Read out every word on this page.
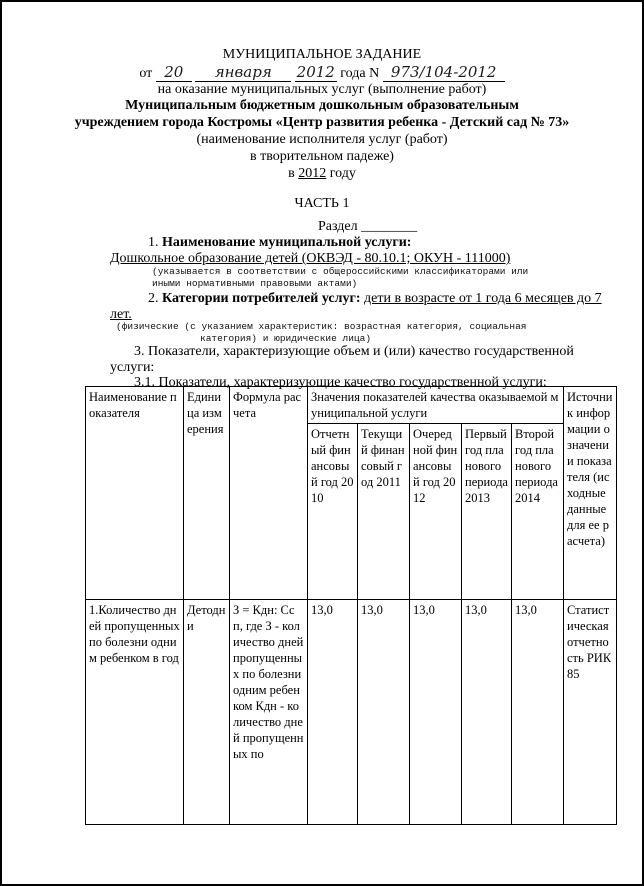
МУНИЦИПАЛЬНОЕ ЗАДАНИЕ
от 20 января 2012 года N 973/104-2012
на оказание муниципальных услуг (выполнение работ)
Муниципальным бюджетным дошкольным образовательным
учреждением города Костромы «Центр развития ребенка - Детский сад № 73»
(наименование исполнителя услуг (работ)
в творительном падеже)
в 2012 году
ЧАСТЬ 1
Раздел ________
1. Наименование муниципальной услуги:
Дошкольное образование детей (ОКВЭД - 80.10.1; ОКУН - 111000)
(указывается в соответствии с общероссийскими классификаторами или
иными нормативными правовыми актами)
2. Категории потребителей услуг: дети в возрасте от 1 года 6 месяцев до 7
лет.
(физические (с указанием характеристик: возрастная категория, социальная
категория) и юридические лица)
3. Показатели, характеризующие объем и (или) качество государственной
услуги:
3.1. Показатели, характеризующие качество государственной услуги:
Наименование показателя	Единица измерения	Формула расчета	Значения показателей качества оказываемой муниципальной услуги					Источник информации о значении показателя (исходные данные для ее расчета)
			Отчетный финансовый год 2010	Текущий финансовый год 2011	Очередной финансовый год 2012	Первый год планового периода 2013	Второй год планового периода 2014	
1.Количество дней пропущенных по болезни одним ребенком в год	Детодни	З = Кдн: Ссп, где З - количество дней пропущенных по болезни одним ребенком Кдн - количество дней пропущенных по	13,0	13,0	13,0	13,0	13,0	Статистическая отчетность РИК 85
